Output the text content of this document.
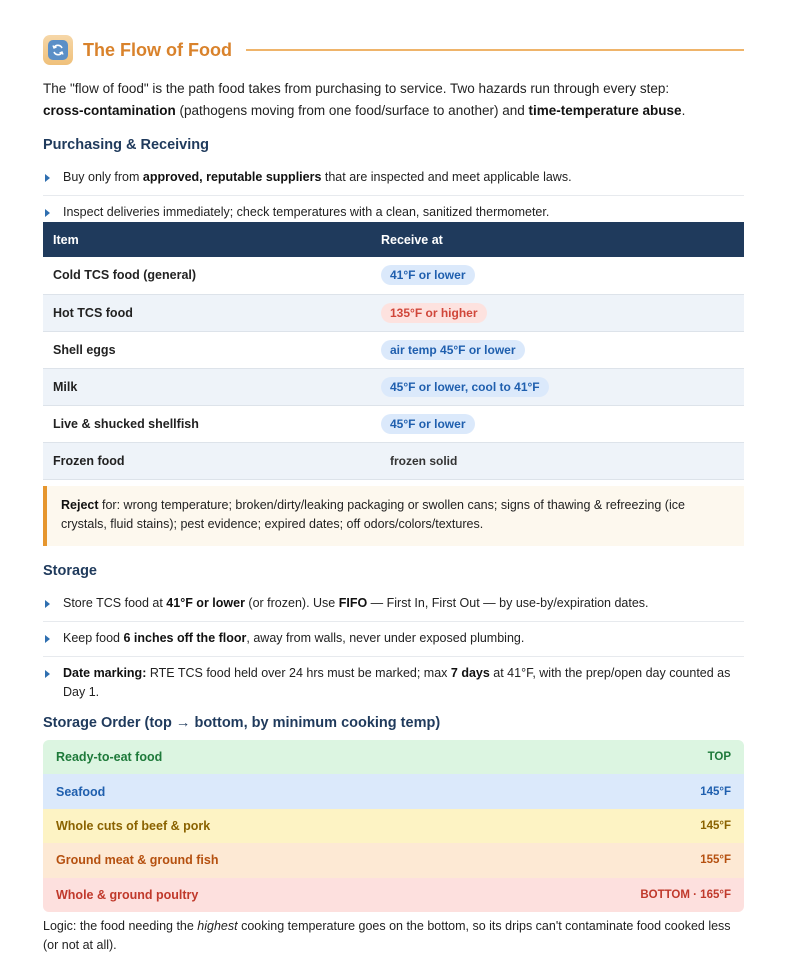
The Flow of Food
The "flow of food" is the path food takes from purchasing to service. Two hazards run through every step:
cross-contamination (pathogens moving from one food/surface to another) and time-temperature abuse.
Purchasing & Receiving
Buy only from approved, reputable suppliers that are inspected and meet applicable laws.
Inspect deliveries immediately; check temperatures with a clean, sanitized thermometer.
Item	Receive at
Cold TCS food (general)	41°F or lower
Hot TCS food	135°F or higher
Shell eggs	air temp 45°F or lower
Milk	45°F or lower, cool to 41°F
Live & shucked shellfish	45°F or lower
Frozen food	frozen solid
Reject for: wrong temperature; broken/dirty/leaking packaging or swollen cans; signs of thawing & refreezing (ice crystals, fluid stains); pest evidence; expired dates; off odors/colors/textures.
Storage
Store TCS food at 41°F or lower (or frozen). Use FIFO — First In, First Out — by use-by/expiration dates.
Keep food 6 inches off the floor, away from walls, never under exposed plumbing.
Date marking: RTE TCS food held over 24 hrs must be marked; max 7 days at 41°F, with the prep/open day counted as Day 1.
Storage Order (top → bottom, by minimum cooking temp)
Ready-to-eat food	TOP
Seafood	145°F
Whole cuts of beef & pork	145°F
Ground meat & ground fish	155°F
Whole & ground poultry	BOTTOM · 165°F
Logic: the food needing the highest cooking temperature goes on the bottom, so its drips can't contaminate food cooked less (or not at all).
